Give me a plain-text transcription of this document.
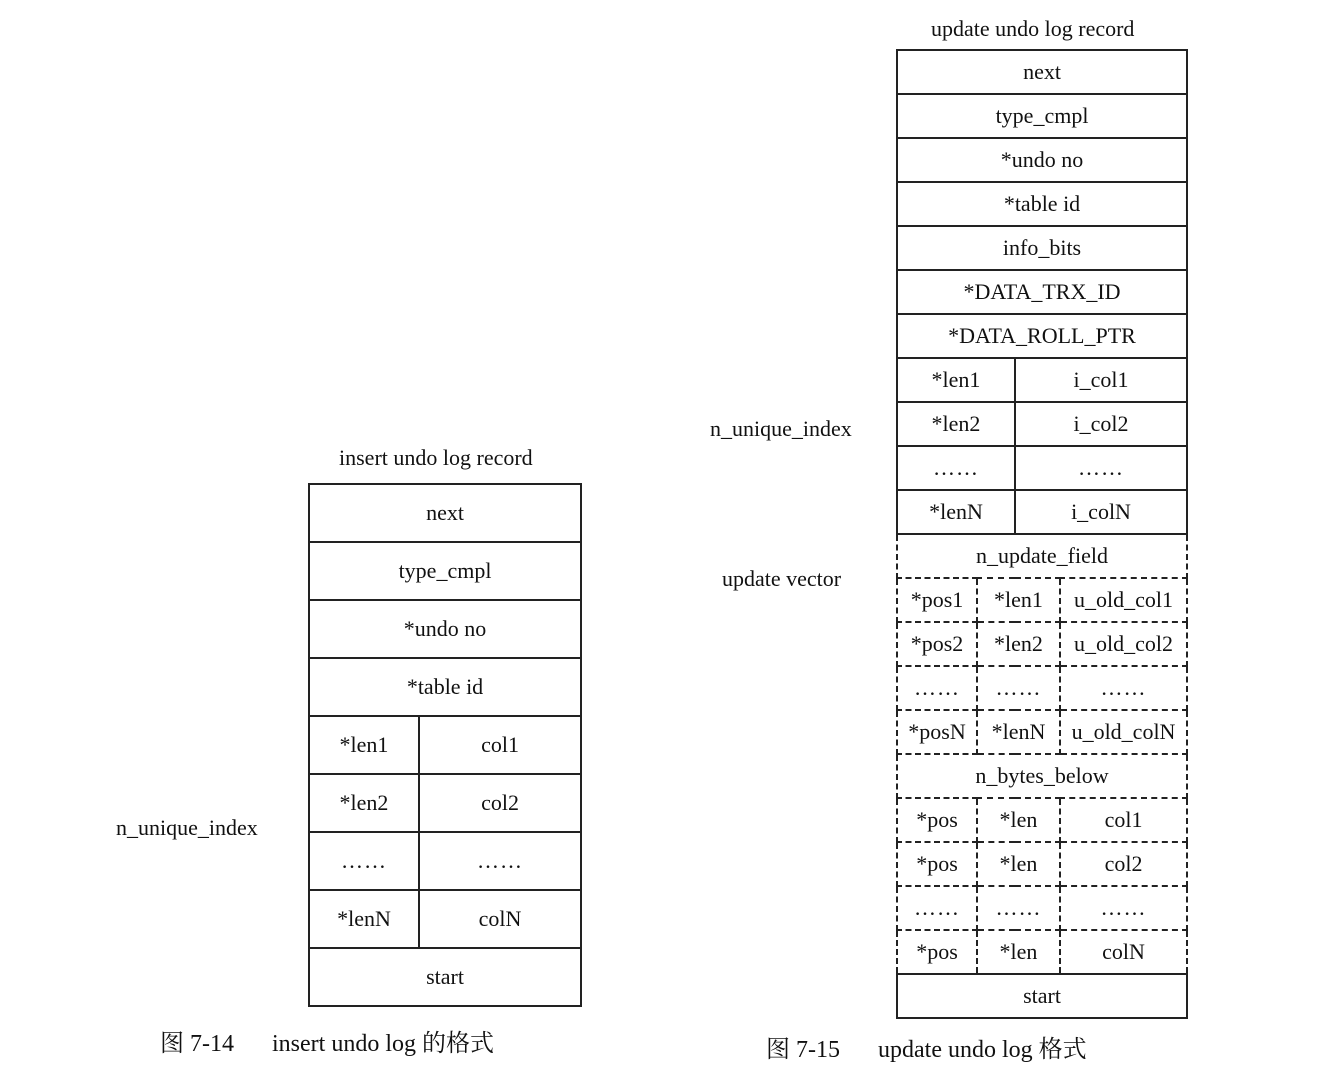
insert undo log record
n_unique_index
next	
type_cmpl	
*undo no	
*table id	
*len1	col1
*len2	col2
……	……
*lenN	colN
start	
图 7-14 insert undo log 的格式
update undo log record
n_unique_index
update vector
next			
type_cmpl			
*undo no			
*table id			
info_bits			
*DATA_TRX_ID			
*DATA_ROLL_PTR			
*len1		i_col1	
*len2		i_col2	
……		……	
*lenN		i_colN	
n_update_field			
*pos1	*len1		u_old_col1
*pos2	*len2		u_old_col2
……	……		……
*posN	*lenN		u_old_colN
n_bytes_below			
*pos	*len		col1
*pos	*len		col2
……	……		……
*pos	*len		colN
start			
图 7-15 update undo log 格式
